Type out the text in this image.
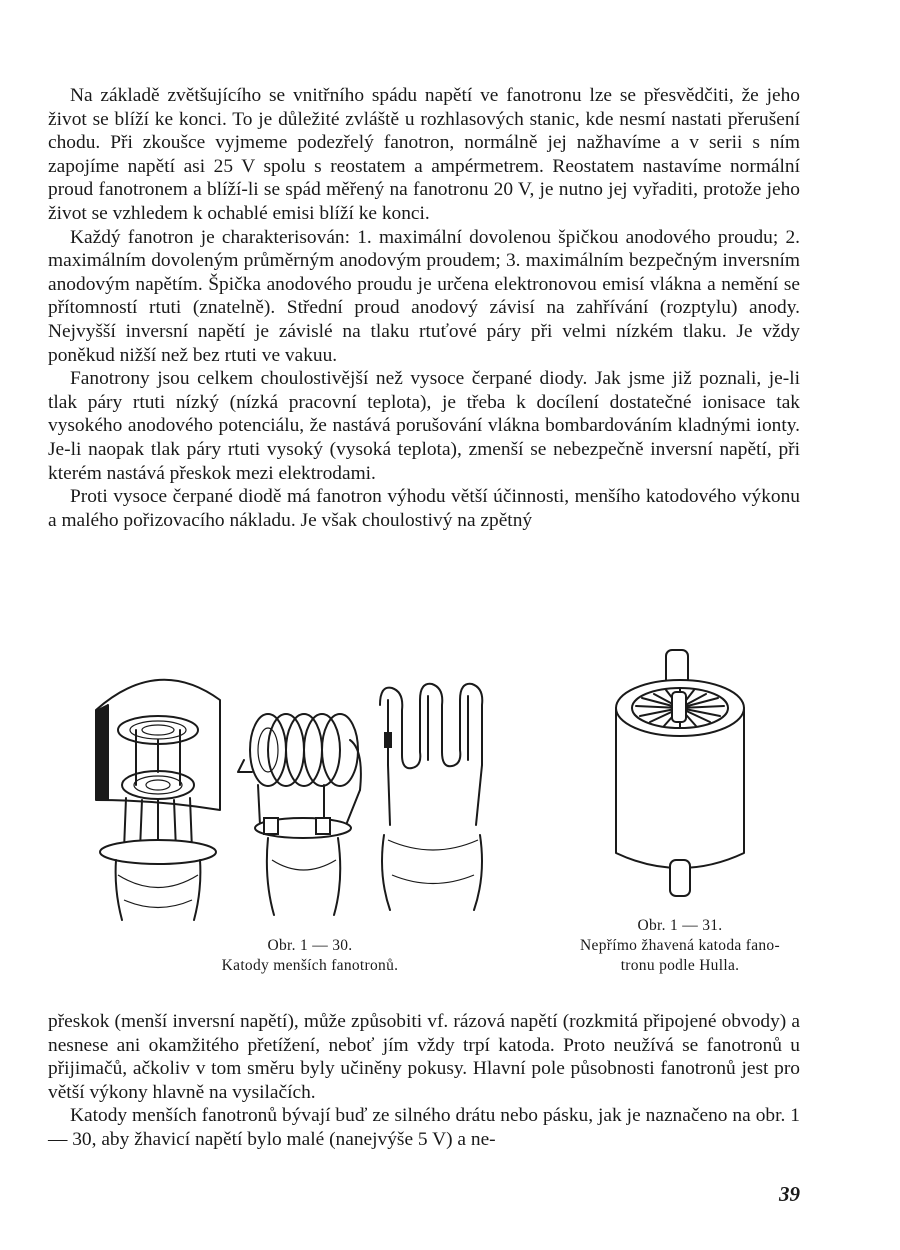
Na základě zvětšujícího se vnitřního spádu napětí ve fanotronu lze se přesvědčiti, že jeho život se blíží ke konci. To je důležité zvláště u rozhlasových stanic, kde nesmí nastati přerušení chodu. Při zkoušce vyjmeme podezřelý fanotron, normálně jej nažhavíme a v serii s ním zapojíme napětí asi 25 V spolu s reostatem a ampérmetrem. Reostatem nastavíme normální proud fanotronem a blíží-li se spád měřený na fanotronu 20 V, je nutno jej vyřaditi, protože jeho život se vzhledem k ochablé emisi blíží ke konci.

Každý fanotron je charakterisován: 1. maximální dovolenou špičkou anodového proudu; 2. maximálním dovoleným průměrným anodovým proudem; 3. maximálním bezpečným inversním anodovým napětím. Špička anodového proudu je určena elektronovou emisí vlákna a nemění se přítomností rtuti (znatelně). Střední proud anodový závisí na zahřívání (rozptylu) anody. Nejvyšší inversní napětí je závislé na tlaku rtuťové páry při velmi nízkém tlaku. Je vždy poněkud nižší než bez rtuti ve vakuu.

Fanotrony jsou celkem choulostivější než vysoce čerpané diody. Jak jsme již poznali, je-li tlak páry rtuti nízký (nízká pracovní teplota), je třeba k docílení dostatečné ionisace tak vysokého anodového potenciálu, že nastává porušování vlákna bombardováním kladnými ionty. Je-li naopak tlak páry rtuti vysoký (vysoká teplota), zmenší se nebezpečně inversní napětí, při kterém nastává přeskok mezi elektrodami.

Proti vysoce čerpané diodě má fanotron výhodu větší účinnosti, menšího katodového výkonu a malého pořizovacího nákladu. Je však choulostivý na zpětný

Obr. 1 — 30.
Katody menších fanotronů.
Obr. 1 — 31.
Nepřímo žhavená katoda fano-
tronu podle Hulla.

přeskok (menší inversní napětí), může způsobiti vf. rázová napětí (rozkmitá připojené obvody) a nesnese ani okamžitého přetížení, neboť jím vždy trpí katoda. Proto neužívá se fanotronů u přijimačů, ačkoliv v tom směru byly učiněny pokusy. Hlavní pole působnosti fanotronů jest pro větší výkony hlavně na vysilačích.

Katody menších fanotronů bývají buď ze silného drátu nebo pásku, jak je naznačeno na obr. 1 — 30, aby žhavicí napětí bylo malé (nanejvýše 5 V) a ne-

39
